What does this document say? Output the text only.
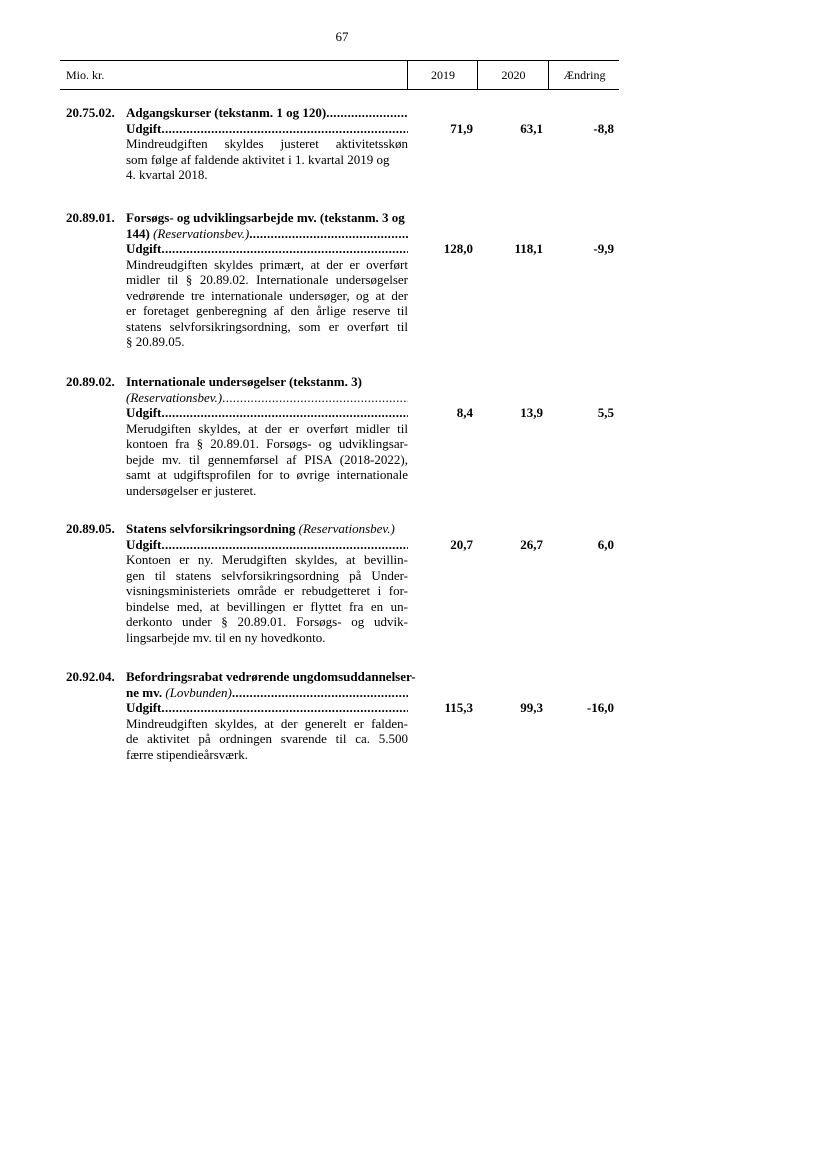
67
Mio. kr.	2019	2020	Ændring
20.75.02. Adgangskurser (tekstanm. 1 og 120)
.....
Udgift
.....
Mindreudgiften skyldes justeret aktivitetsskøn
som følge af faldende aktivitet i 1. kvartal 2019 og
4. kvartal 2018.
71,9	63,1	-8,8
20.89.01. Forsøgs- og udviklingsarbejde mv. (tekstanm. 3 og
144)
(Reservationsbev.)
.....
Udgift
.....
Mindreudgiften skyldes primært, at der er overført
midler til § 20.89.02. Internationale undersøgelser
vedrørende tre internationale undersøger, og at der
er foretaget genberegning af den årlige reserve til
statens selvforsikringsordning, som er overført til
§ 20.89.05.
128,0	118,1	-9,9
20.89.02. Internationale undersøgelser (tekstanm. 3)
(Reservationsbev.)
.....
Udgift
.....
Merudgiften skyldes, at der er overført midler til
kontoen fra § 20.89.01. Forsøgs- og udviklingsar-
bejde mv. til gennemførsel af PISA (2018-2022),
samt at udgiftsprofilen for to øvrige internationale
undersøgelser er justeret.
8,4	13,9	5,5
20.89.05. Statens selvforsikringsordning (Reservationsbev.)
Udgift
.....
Kontoen er ny. Merudgiften skyldes, at bevillin-
gen til statens selvforsikringsordning på Under-
visningsministeriets område er rebudgetteret i for-
bindelse med, at bevillingen er flyttet fra en un-
derkonto under § 20.89.01. Forsøgs- og udvik-
lingsarbejde mv. til en ny hovedkonto.
20,7	26,7	6,0
20.92.04. Befordringsrabat vedrørende ungdomsuddannelser-
ne mv.
(Lovbunden)
.....
Udgift
.....
Mindreudgiften skyldes, at der generelt er falden-
de aktivitet på ordningen svarende til ca. 5.500
færre stipendieårsværk.
115,3	99,3	-16,0
